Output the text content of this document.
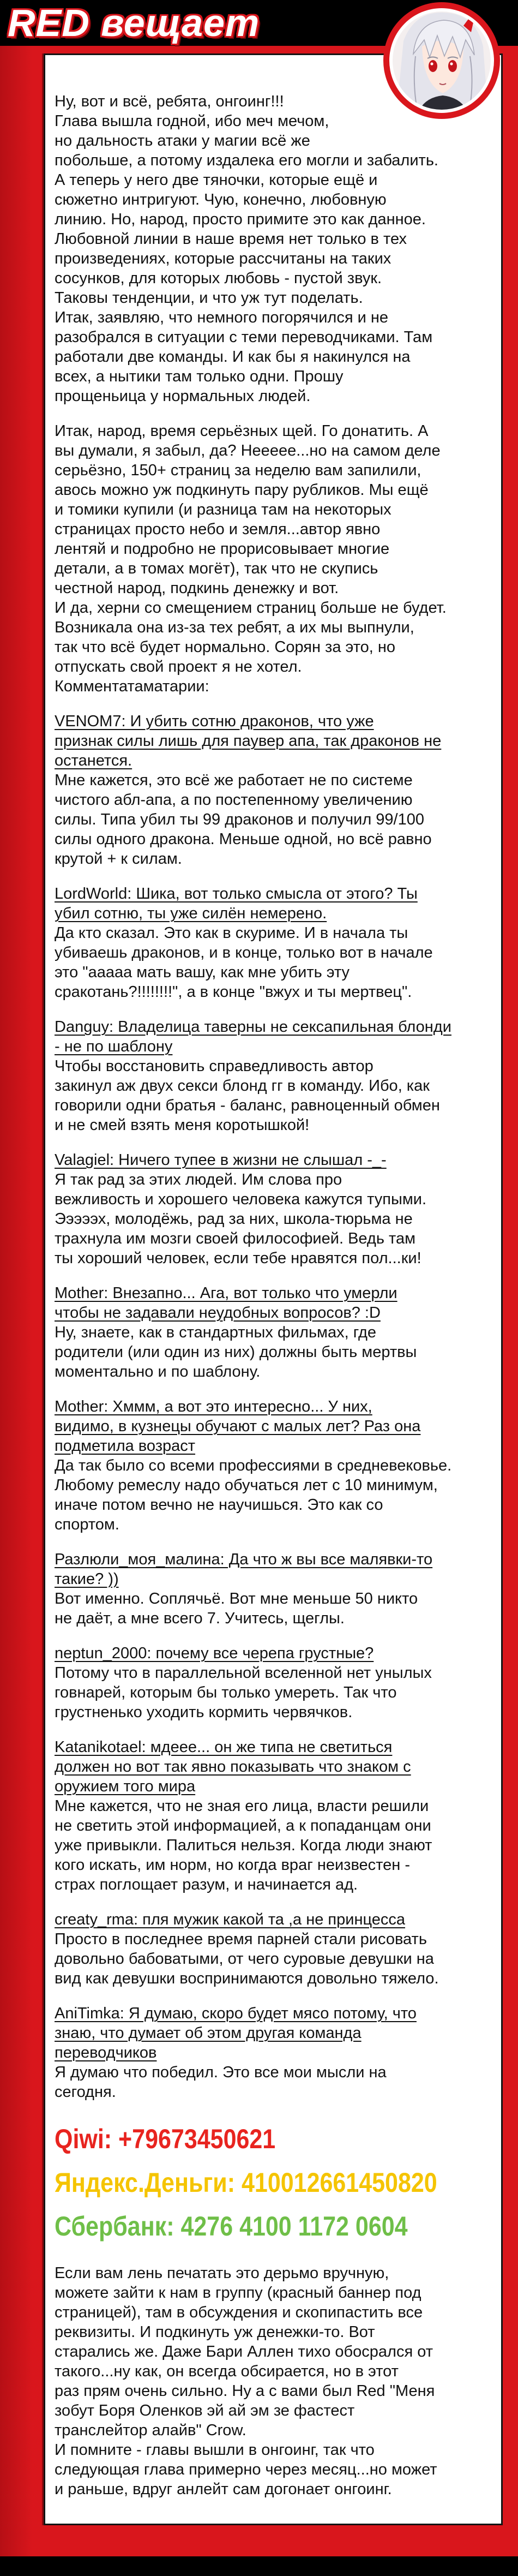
RED вещает
Ну, вот и всё, ребята, онгоинг!!!
Глава вышла годной, ибо меч мечом,
но дальность атаки у магии всё же
побольше, а потому издалека его могли и забалить.
А теперь у него две тяночки, которые ещё и
сюжетно интригуют. Чую, конечно, любовную
линию. Но, народ, просто примите это как данное.
Любовной линии в наше время нет только в тех
произведениях, которые рассчитаны на таких
сосунков, для которых любовь - пустой звук.
Таковы тенденции, и что уж тут поделать.
Итак, заявляю, что немного погорячился и не
разобрался в ситуации с теми переводчиками. Там
работали две команды. И как бы я накинулся на
всех, а нытики там только одни. Прошу
прощеньица у нормальных людей.
Итак, народ, время серьёзных щей. Го донатить. А
вы думали, я забыл, да? Неееее...но на самом деле
серьёзно, 150+ страниц за неделю вам запилили,
авось можно уж подкинуть пару рубликов. Мы ещё
и томики купили (и разница там на некоторых
страницах просто небо и земля...автор явно
лентяй и подробно не прорисовывает многие
детали, а в томах могёт), так что не скупись
честной народ, подкинь денежку и вот.
И да, херни со смещением страниц больше не будет.
Возникала она из-за тех ребят, а их мы выпнули,
так что всё будет нормально. Сорян за это, но
отпускать свой проект я не хотел.
Комментатаматарии:
VENOM7: И убить сотню драконов, что уже
признак силы лишь для паувер апа, так драконов не
останется.
Мне кажется, это всё же работает не по системе
чистого абл-апа, а по постепенному увеличению
силы. Типа убил ты 99 драконов и получил 99/100
силы одного дракона. Меньше одной, но всё равно
крутой + к силам.
LordWorld: Шика, вот только смысла от этого? Ты
убил сотню, ты уже силён немерено.
Да кто сказал. Это как в скуриме. И в начала ты
убиваешь драконов, и в конце, только вот в начале
это "ааааа мать вашу, как мне убить эту
сракотань?!!!!!!!!", а в конце "вжух и ты мертвец".
Danguy: Владелица таверны не сексапильная блонди
- не по шаблону
Чтобы восстановить справедливость автор
закинул аж двух секси блонд гг в команду. Ибо, как
говорили одни братья - баланс, равноценный обмен
и не смей взять меня коротышкой!
Valagiel: Ничего тупее в жизни не слышал -_-
Я так рад за этих людей. Им слова про
вежливость и хорошего человека кажутся тупыми.
Эээээх, молодёжь, рад за них, школа-тюрьма не
трахнула им мозги своей философией. Ведь там
ты хороший человек, если тебе нравятся пол...ки!
Mother: Внезапно... Ага, вот только что умерли
чтобы не задавали неудобных вопросов? :D
Ну, знаете, как в стандартных фильмах, где
родители (или один из них) должны быть мертвы
моментально и по шаблону.
Mother: Хммм, а вот это интересно... У них,
видимо, в кузнецы обучают с малых лет? Раз она
подметила возраст
Да так было со всеми профессиями в средневековье.
Любому ремеслу надо обучаться лет с 10 минимум,
иначе потом вечно не научишься. Это как со
спортом.
Разлюли_моя_малина: Да что ж вы все малявки-то
такие? ))
Вот именно. Соплячьё. Вот мне меньше 50 никто
не даёт, а мне всего 7. Учитесь, щеглы.
neptun_2000: почему все черепа грустные?
Потому что в параллельной вселенной нет унылых
говнарей, которым бы только умереть. Так что
грустненько уходить кормить червячков.
Katanikotael: мдеее... он же типа не светиться
должен но вот так явно показывать что знаком с
оружием того мира
Мне кажется, что не зная его лица, власти решили
не светить этой информацией, а к попаданцам они
уже привыкли. Палиться нельзя. Когда люди знают
кого искать, им норм, но когда враг неизвестен -
страх поглощает разум, и начинается ад.
creaty_rma: пля мужик какой та ,а не принцесса
Просто в последнее время парней стали рисовать
довольно бабоватыми, от чего суровые девушки на
вид как девушки воспринимаются довольно тяжело.
AniTimka: Я думаю, скоро будет мясо потому, что
знаю, что думает об этом другая команда
переводчиков
Я думаю что победил. Это все мои мысли на
сегодня.
Qiwi: +79673450621
Яндекс.Деньги: 410012661450820
Сбербанк: 4276 4100 1172 0604
Если вам лень печатать это дерьмо вручную,
можете зайти к нам в группу (красный баннер под
страницей), там в обсуждения и скопипастить все
реквизиты. И подкинуть уж денежки-то. Вот
старались же. Даже Бари Аллен тихо обосрался от
такого...ну как, он всегда обсирается, но в этот
раз прям очень сильно. Ну а с вами был Red "Меня
зобут Боря Оленков эй ай эм зе фастест
транслейтор алайв" Crow.
И помните - главы вышли в онгоинг, так что
следующая глава примерно через месяц...но может
и раньше, вдруг анлейт сам догонает онгоинг.
